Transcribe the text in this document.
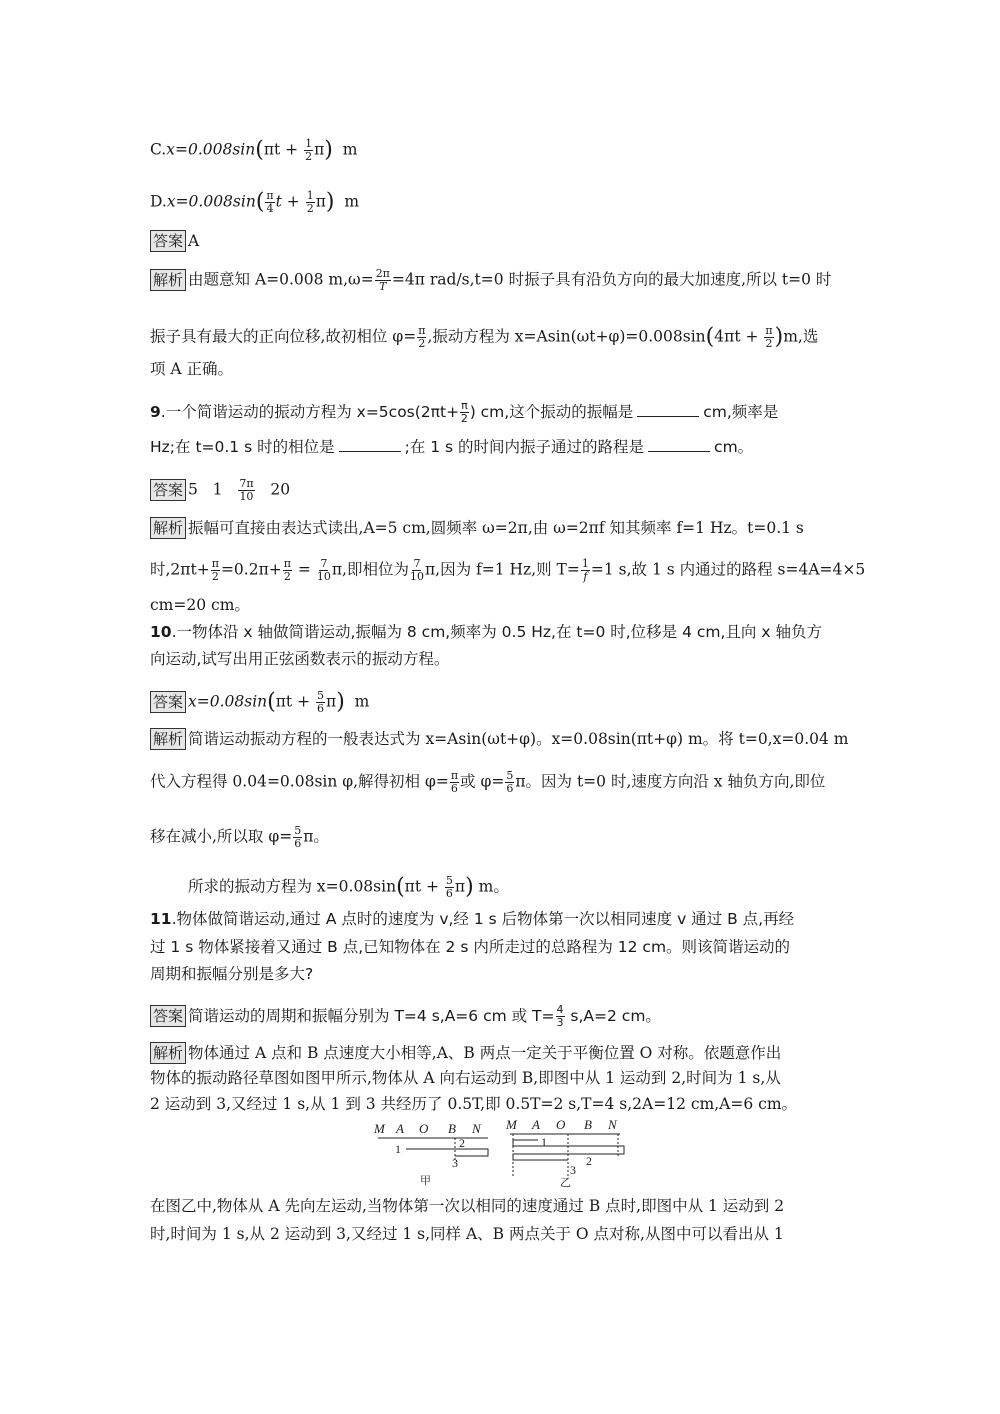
$C.x=0.008\sin(\pi t + \frac{1}{2} \pi)$ m
$D.x=0.008\sin( \frac{\pi}{4}$ $t + \frac{1}{2} \pi$) m
答案 A
解析 由题意知 A=0.008 $m,\omega= \frac{2\pi}{T} =4\pi$ rad/s,t=0 时振子具有沿负方向的最大加速度,所以 t=0 时
振子具有最大的正向位移,故初相位 $\varphi= \frac{\pi}{2}$ ,振动方程为 $x=Asin(\omega t+\varphi)=0.008\sin(4\pi t + \frac{\pi}{2} )m$,选
项 A 正确。
9.一个简谐运动的振动方程为 $x=5\cos(2\pi t+ \frac{\pi}{2}$ ) cm,这个振动的振幅是	cm,频率是
Hz;在 t=0.1 s 时的相位是	;在 1 s 的时间内振子通过的路程是	cm。
答案 5 $1 \frac{7\pi}{10} 20$
解析 振幅可直接由表达式读出,A=5 cm,圆频率 ω=2π,由 ω=2πf 知其频率 f=1 Hz。t=0.1 s
时$,2\pi t+ \frac{\pi}{2} =0.2\pi+ \frac{\pi}{2} = \frac{7}{10} \pi$,即相位为 $\frac{7}{10} \pi$,因为 f=1 Hz,则 $T= \frac{1}{f} =1$ s,故 1 s 内通过的路程 s=4A=4×5
cm=20 cm。
10.一物体沿 x 轴做简谐运动,振幅为 8 cm,频率为 0.5 Hz,在 t=0 时,位移是 4 cm,且向 x 轴负方
向运动,试写出用正弦函数表示的振动方程。
答案 $x=0.08\sin(\pi t + \frac{5}{6} \pi)$ m
解析 简谐运动振动方程的一般表达式为 x=Asin(ωt+φ)。x=0.08sin(πt+φ) m。将 t=0,x=0.04 m
代入方程得 0.04=0.08sin φ,解得初相 $\varphi= \frac{\pi}{6}$ 或 $\varphi= \frac{5}{6}$ π。因为 t=0 时,速度方向沿 x 轴负方向,即位
移在减小,所以取 $\varphi= \frac{5}{6}$ π。
所求的振动方程为 $x=0.08\sin(\pi t + \frac{5}{6} \pi)$ m。
11.物体做简谐运动,通过 A 点时的速度为 v,经 1 s 后物体第一次以相同速度 v 通过 B 点,再经
过 1 s 物体紧接着又通过 B 点,已知物体在 2 s 内所走过的总路程为 12 cm。则该简谐运动的
周期和振幅分别是多大?
答案 简谐运动的周期和振幅分别为 T=4 s,A=6 cm 或 $T= \frac{4}{3} s,A=2$ cm。
解析 物体通过 A 点和 B 点速度大小相等,A、B 两点一定关于平衡位置 O 对称。依题意作出
物体的振动路径草图如图甲所示,物体从 A 向右运动到 B,即图中从 1 运动到 2,时间为 1 s,从
2 运动到 3,又经过 1 s,从 1 到 3 共经历了 0.5T,即 0.5T=2 s,T=4 s,2A=12 cm,A=6 cm。
M A O B N M A O B N
1	2
3
1
2
3
甲	乙
在图乙中,物体从 A 先向左运动,当物体第一次以相同的速度通过 B 点时,即图中从 1 运动到 2
时,时间为 1 s,从 2 运动到 3,又经过 1 s,同样 A、B 两点关于 O 点对称,从图中可以看出从 1
